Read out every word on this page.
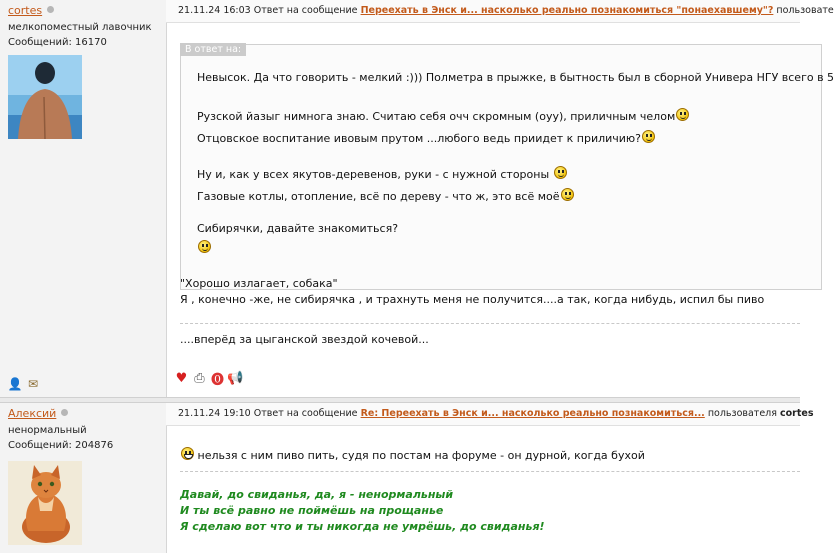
cortes
мелкопоместный лавочник
Сообщений: 16170
👤 ✉
21.11.24 16:03 Ответ на сообщение Переехать в Энск и... насколько реально познакомиться "понаехавшему"? пользовате
В ответ на:
Невысок. Да что говорить - мелкий :))) Полметра в прыжке, в бытность был в сборной Универа НГУ всего в 5
Рузской йазыг нимнога знаю. Считаю себя очч скромным (оуу), приличным челом
Отцовское воспитание ивовым прутом ...любого ведь приидет к приличию?
Ну и, как у всех якутов-деревенов, руки - с нужной стороны
Газовые котлы, отопление, всё по дереву - что ж, это всё моё
Сибирячки, давайте знакомиться?
"Хорошо излагает, собака"
Я , конечно -же, не сибирячка , и трахнуть меня не получится....а так, когда нибудь, испил бы пиво
....вперёд за цыганской звездой кочевой...
♥ ⎙ ⓿ 📢
Алексий
ненормальный
Сообщений: 204876
21.11.24 19:10 Ответ на сообщение Re: Переехать в Энск и... насколько реально познакомиться... пользователя cortes
нельзя с ним пиво пить, судя по постам на форуме - он дурной, когда бухой
Давай, до свиданья, да, я - ненормальный
И ты всё равно не поймёшь на прощанье
Я сделаю вот что и ты никогда не умрёшь, до свиданья!
